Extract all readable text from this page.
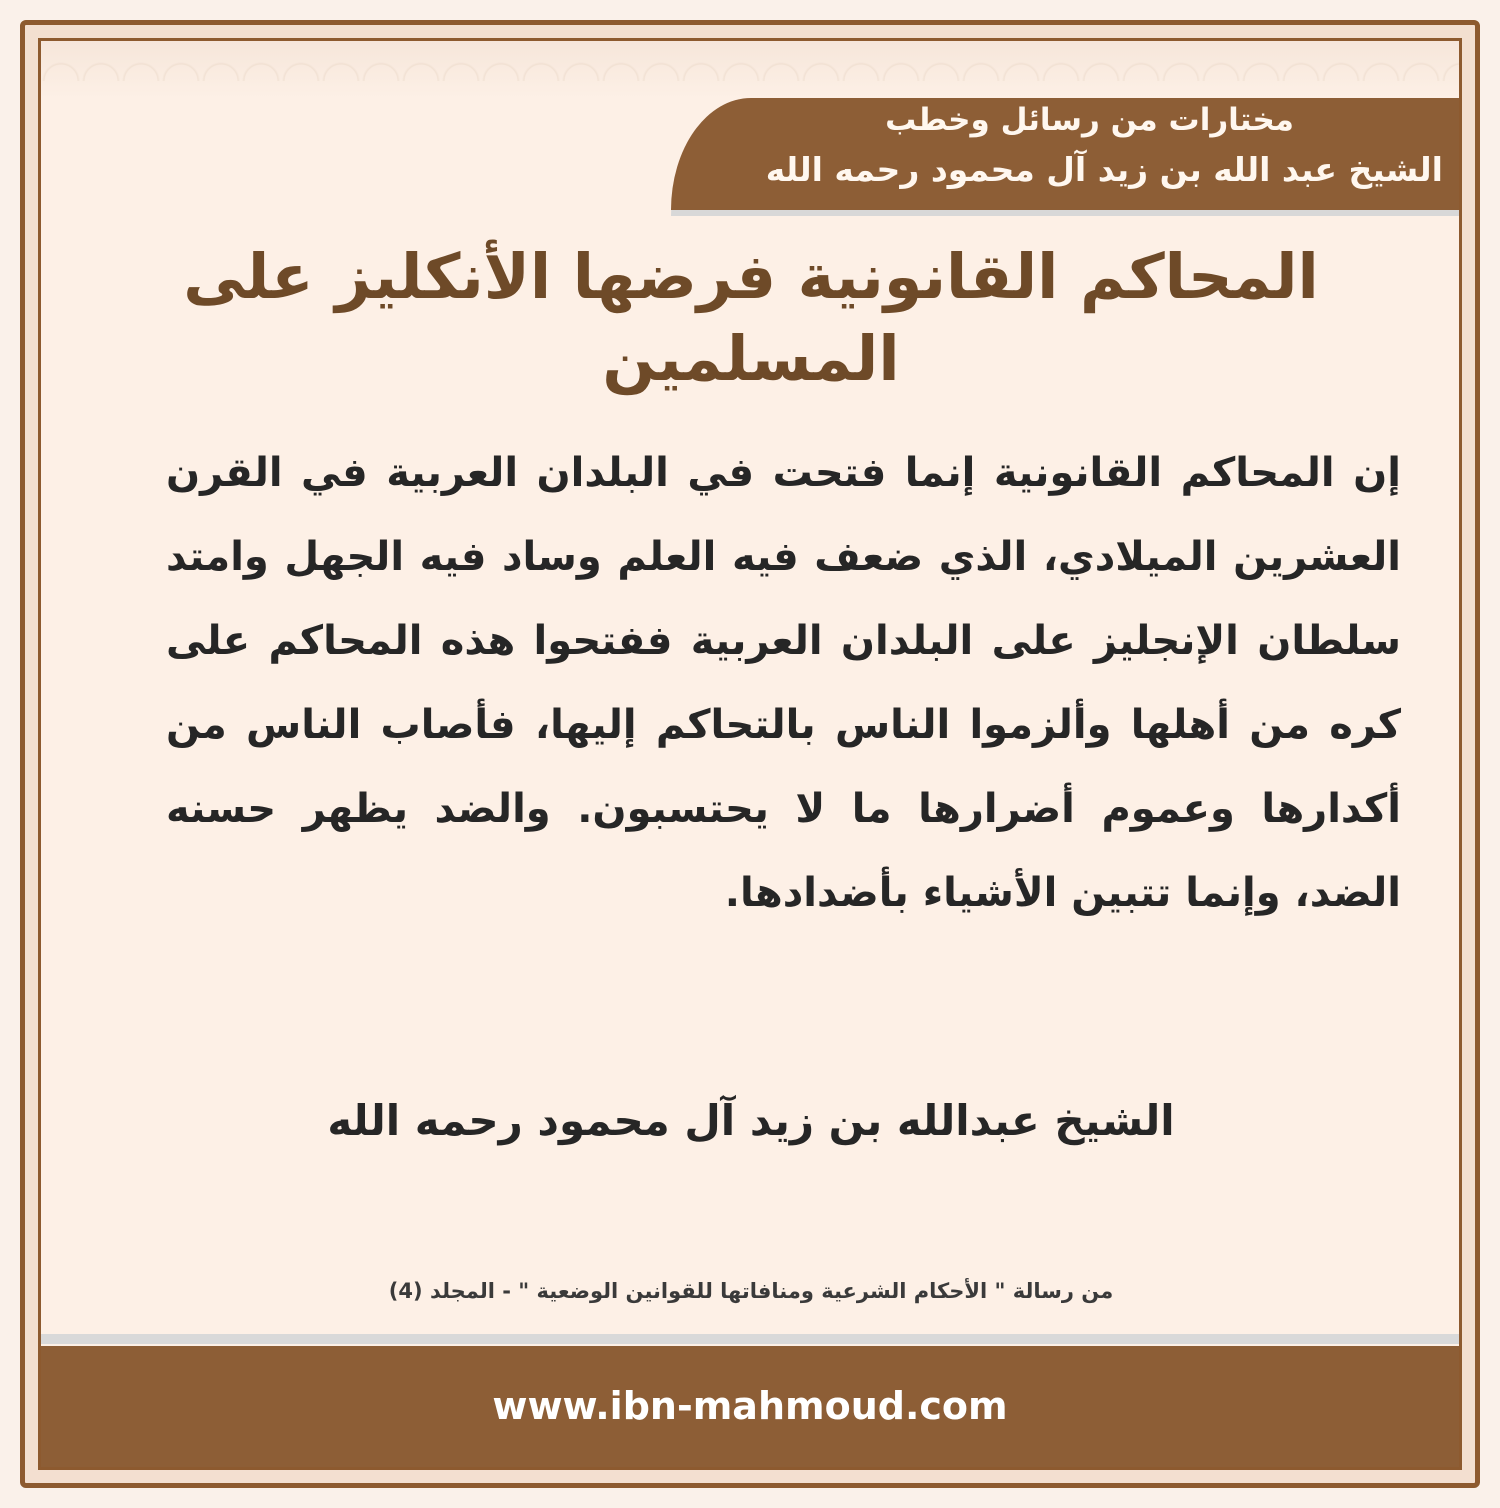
مختارات من رسائل وخطب
الشيخ عبد الله بن زيد آل محمود رحمه الله
المحاكم القانونية فرضها الأنكليز على المسلمين
إن المحاكم القانونية إنما فتحت في البلدان العربية في القرن العشرين الميلادي، الذي ضعف فيه العلم وساد فيه الجهل وامتد سلطان الإنجليز على البلدان العربية ففتحوا هذه المحاكم على كره من أهلها وألزموا الناس بالتحاكم إليها، فأصاب الناس من أكدارها وعموم أضرارها ما لا يحتسبون. والضد يظهر حسنه الضد، وإنما تتبين الأشياء بأضدادها.
الشيخ عبدالله بن زيد آل محمود رحمه الله
من رسالة " الأحكام الشرعية ومنافاتها للقوانين الوضعية " - المجلد (4)
www.ibn-mahmoud.com
